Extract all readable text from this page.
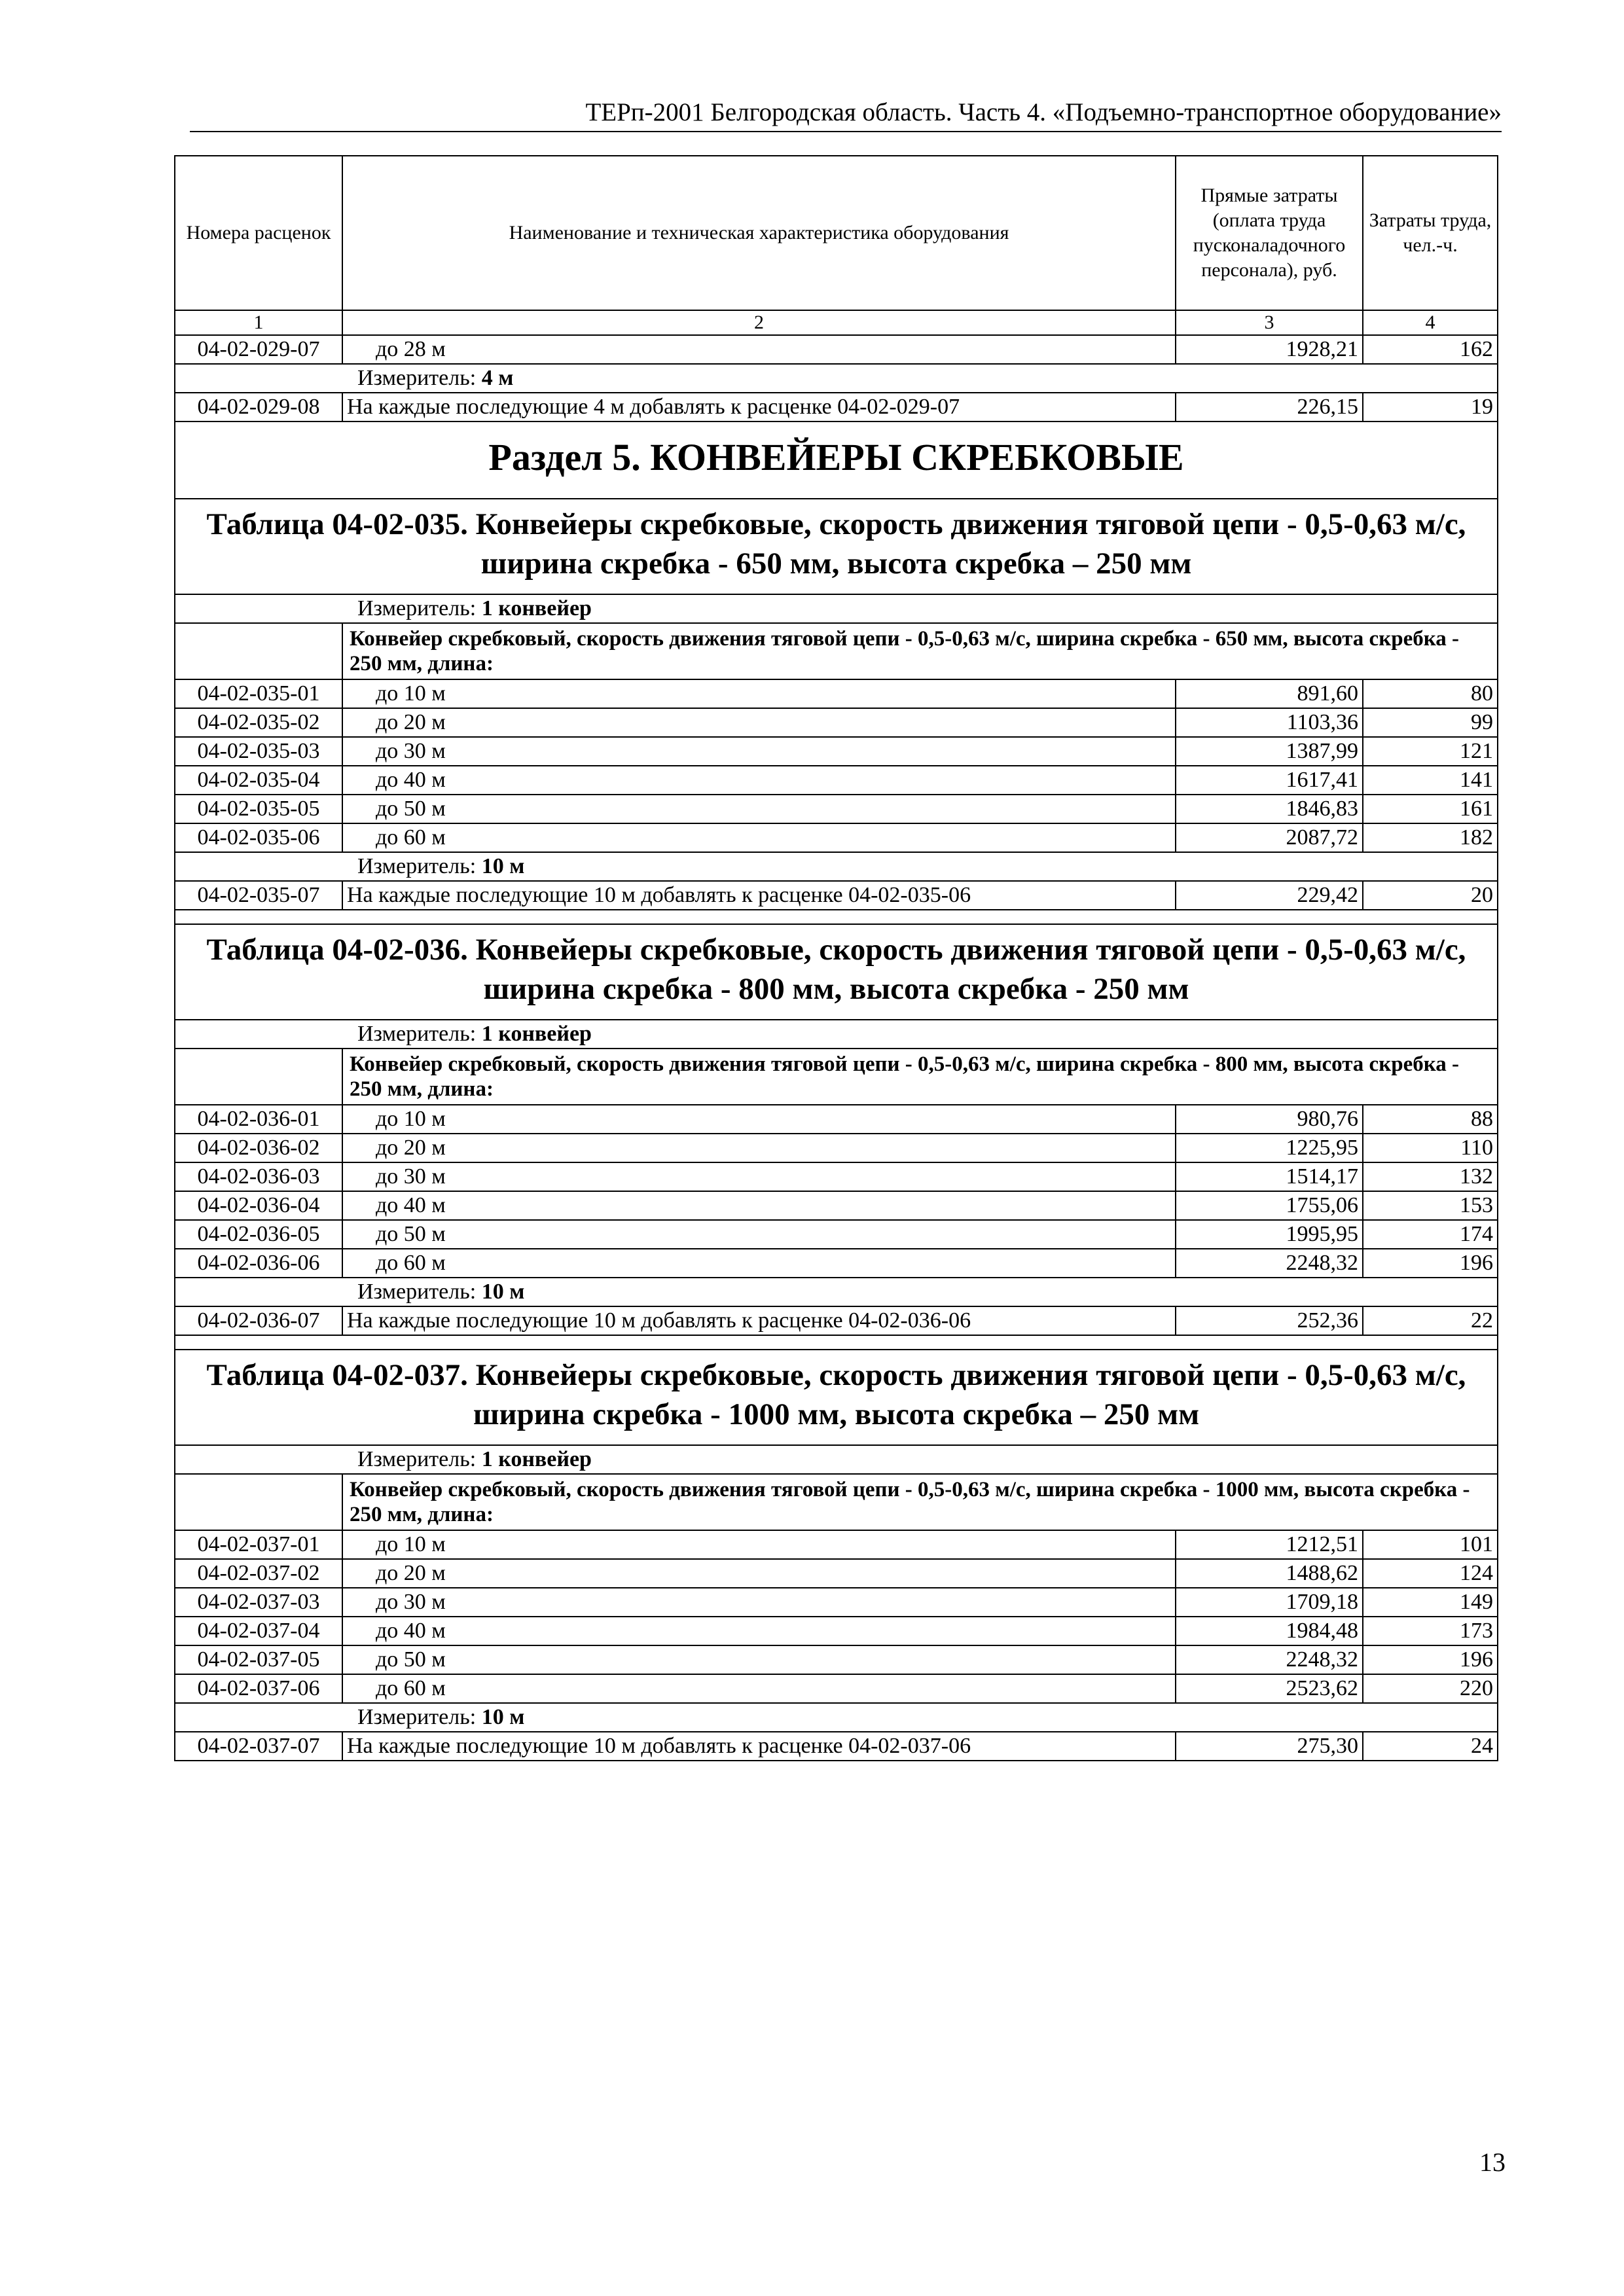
ТЕРп-2001 Белгородская область. Часть 4. «Подъемно-транспортное оборудование»
Номера расценок	Наименование и техническая характеристика оборудования	Прямые затраты (оплата труда пусконаладочного персонала), руб.	Затраты труда, чел.-ч.
1	2	3	4
04-02-029-07	до 28 м	1928,21	162
Измеритель: 4 м			
04-02-029-08	На каждые последующие 4 м добавлять к расценке 04-02-029-07	226,15	19
Раздел 5. КОНВЕЙЕРЫ СКРЕБКОВЫЕ			
Таблица 04-02-035. Конвейеры скребковые, скорость движения тяговой цепи - 0,5-0,63 м/с, ширина скребка - 650 мм, высота скребка – 250 мм			
Измеритель: 1 конвейер			
	Конвейер скребковый, скорость движения тяговой цепи - 0,5-0,63 м/с, ширина скребка - 650 мм, высота скребка - 250 мм, длина:		
04-02-035-01	до 10 м	891,60	80
04-02-035-02	до 20 м	1103,36	99
04-02-035-03	до 30 м	1387,99	121
04-02-035-04	до 40 м	1617,41	141
04-02-035-05	до 50 м	1846,83	161
04-02-035-06	до 60 м	2087,72	182
Измеритель: 10 м			
04-02-035-07	На каждые последующие 10 м добавлять к расценке 04-02-035-06	229,42	20

Таблица 04-02-036. Конвейеры скребковые, скорость движения тяговой цепи - 0,5-0,63 м/с, ширина скребка - 800 мм, высота скребка - 250 мм			
Измеритель: 1 конвейер			
	Конвейер скребковый, скорость движения тяговой цепи - 0,5-0,63 м/с, ширина скребка - 800 мм, высота скребка - 250 мм, длина:		
04-02-036-01	до 10 м	980,76	88
04-02-036-02	до 20 м	1225,95	110
04-02-036-03	до 30 м	1514,17	132
04-02-036-04	до 40 м	1755,06	153
04-02-036-05	до 50 м	1995,95	174
04-02-036-06	до 60 м	2248,32	196
Измеритель: 10 м			
04-02-036-07	На каждые последующие 10 м добавлять к расценке 04-02-036-06	252,36	22

Таблица 04-02-037. Конвейеры скребковые, скорость движения тяговой цепи - 0,5-0,63 м/с, ширина скребка - 1000 мм, высота скребка – 250 мм			
Измеритель: 1 конвейер			
	Конвейер скребковый, скорость движения тяговой цепи - 0,5-0,63 м/с, ширина скребка - 1000 мм, высота скребка - 250 мм, длина:		
04-02-037-01	до 10 м	1212,51	101
04-02-037-02	до 20 м	1488,62	124
04-02-037-03	до 30 м	1709,18	149
04-02-037-04	до 40 м	1984,48	173
04-02-037-05	до 50 м	2248,32	196
04-02-037-06	до 60 м	2523,62	220
Измеритель: 10 м			
04-02-037-07	На каждые последующие 10 м добавлять к расценке 04-02-037-06	275,30	24
13
